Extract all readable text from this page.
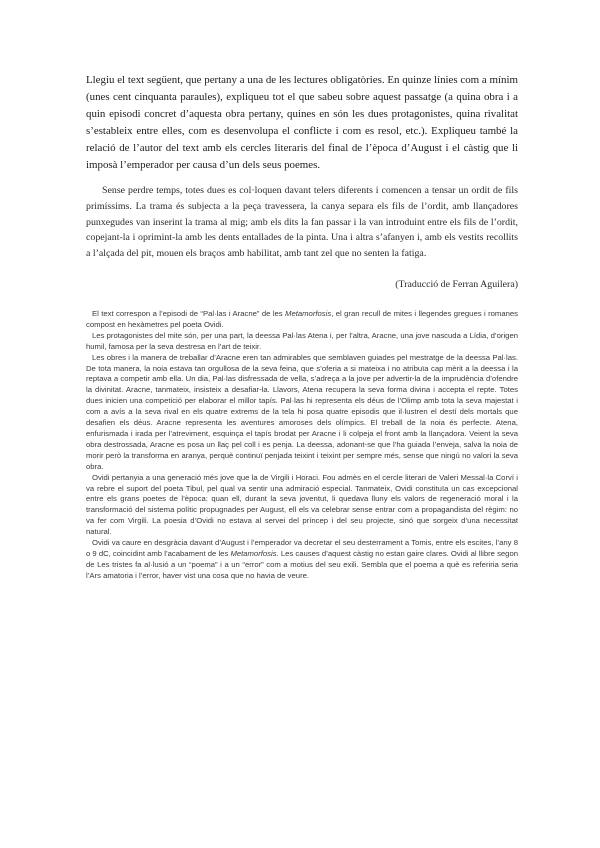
Llegiu el text següent, que pertany a una de les lectures obligatòries. En quinze línies com a mínim (unes cent cinquanta paraules), expliqueu tot el que sabeu sobre aquest passatge (a quina obra i a quin episodi concret d’aquesta obra pertany, quines en són les dues protagonistes, quina rivalitat s’estableix entre elles, com es desenvolupa el conflicte i com es resol, etc.). Expliqueu també la relació de l’autor del text amb els cercles literaris del final de l’època d’August i el càstig que li imposà l’emperador per causa d’un dels seus poemes.

Sense perdre temps, totes dues es col·loquen davant telers diferents i comencen a tensar un ordit de fils primíssims. La trama és subjecta a la peça travessera, la canya separa els fils de l’ordit, amb llançadores punxegudes van inserint la trama al mig; amb els dits la fan passar i la van introduint entre els fils de l’ordit, copejant-la i oprimint-la amb les dents entallades de la pinta. Una i altra s’afanyen i, amb els vestits recollits a l’alçada del pit, mouen els braços amb habilitat, amb tant zel que no senten la fatiga.

(Traducció de Ferran Aguilera)

El text correspon a l’episodi de “Pal·las i Aracne” de les Metamorfosis, el gran recull de mites i llegendes gregues i romanes compost en hexàmetres pel poeta Ovidi.

Les protagonistes del mite són, per una part, la deessa Pal·las Atena i, per l’altra, Aracne, una jove nascuda a Lídia, d’origen humil, famosa per la seva destresa en l’art de teixir.

Les obres i la manera de treballar d’Aracne eren tan admirables que semblaven guiades pel mestratge de la deessa Pal·las. De tota manera, la noia estava tan orgullosa de la seva feina, que s’oferia a si mateixa i no atribuïa cap mèrit a la deessa i la reptava a competir amb ella. Un dia, Pal·las disfressada de vella, s’adreça a la jove per advertir-la de la imprudència d’ofendre la divinitat. Aracne, tanmateix, insisteix a desafiar-la. Llavors, Atena recupera la seva forma divina i accepta el repte. Totes dues inicien una competició per elaborar el millor tapís. Pal·las hi representa els déus de l’Olimp amb tota la seva majestat i com a avís a la seva rival en els quatre extrems de la tela hi posa quatre episodis que il·lustren el destí dels mortals que desafien els déus. Aracne representa les aventures amoroses dels olímpics. El treball de la noia és perfecte. Atena, enfurismada i irada per l’atreviment, esquinça el tapís brodat per Aracne i li colpeja el front amb la llançadora. Veient la seva obra destrossada, Aracne es posa un llaç pel coll i es penja. La deessa, adonant-se que l’ha guiada l’enveja, salva la noia de morir però la transforma en aranya, perquè continuï penjada teixint i teixint per sempre més, sense que ningú no valori la seva obra.

Ovidi pertanyia a una generació més jove que la de Virgili i Horaci. Fou admès en el cercle literari de Valeri Messal·la Corví i va rebre el suport del poeta Tibul, pel qual va sentir una admiració especial. Tanmateix, Ovidi constituïa un cas excepcional entre els grans poetes de l’època: quan ell, durant la seva joventut, li quedava lluny els valors de regeneració moral i la transformació del sistema polític propugnades per August, ell els va celebrar sense entrar com a propagandista del règim: no va fer com Virgili. La poesia d’Ovidi no estava al servei del príncep i del seu projecte, sinó que sorgeix d’una necessitat natural.

Ovidi va caure en desgràcia davant d’August i l’emperador va decretar el seu desterrament a Tomis, entre els escites, l’any 8 o 9 dC, coincidint amb l’acabament de les Metamorfosis. Les causes d’aquest càstig no estan gaire clares. Ovidi al llibre segon de Les tristes fa al·lusió a un “poema” i a un “error” com a motius del seu exili. Sembla que el poema a què es referiria seria l’Ars amatoria i l’error, haver vist una cosa que no havia de veure.
